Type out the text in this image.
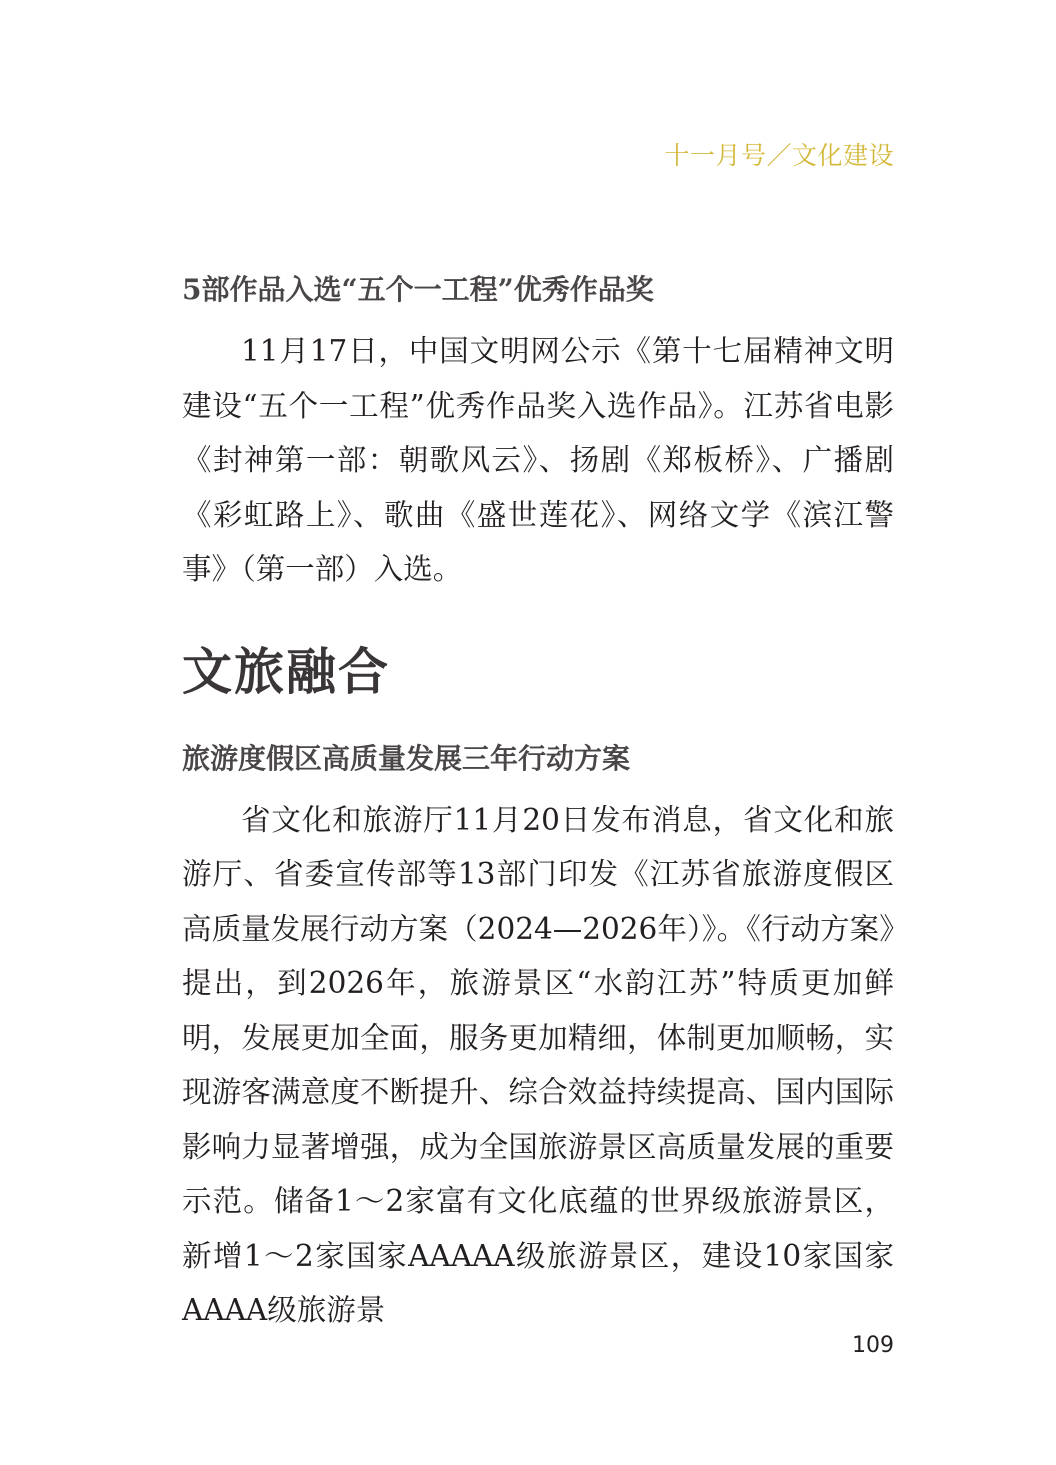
十一月号／文化建设
5部作品入选“五个一工程”优秀作品奖

11月17日，中国文明网公示《第十七届精神文明建设“五个一工程”优秀作品奖入选作品》。江苏省电影《封神第一部：朝歌风云》、扬剧《郑板桥》、广播剧《彩虹路上》、歌曲《盛世莲花》、网络文学《滨江警事》（第一部）入选。

文旅融合
旅游度假区高质量发展三年行动方案

省文化和旅游厅11月20日发布消息，省文化和旅游厅、省委宣传部等13部门印发《江苏省旅游度假区高质量发展行动方案（2024—2026年）》。《行动方案》提出，到2026年，旅游景区“水韵江苏”特质更加鲜明，发展更加全面，服务更加精细，体制更加顺畅，实现游客满意度不断提升、综合效益持续提高、国内国际影响力显著增强，成为全国旅游景区高质量发展的重要示范。储备1～2家富有文化底蕴的世界级旅游景区，新增1～2家国家AAAAA级旅游景区，建设10家国家AAAA级旅游景

109
